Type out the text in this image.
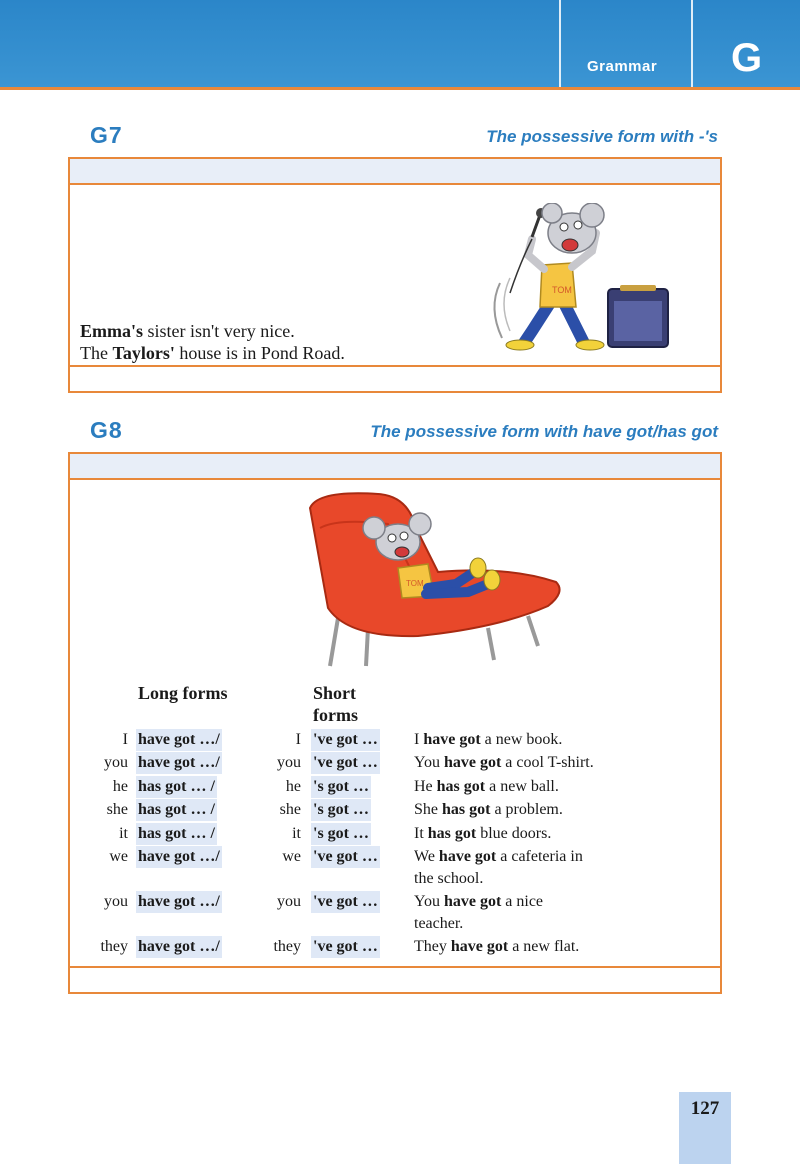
Grammar G
G7	The possessive form with -'s
Emma's sister isn't very nice.
The Taylors' house is in Pond Road.
TOM
G8	The possessive form with have got/has got
TOM
Long forms	Short
forms
I have got …/	I 've got … I have got a new book.
you have got …/	you 've got … You have got a cool T-shirt.
he has got … /	he 's got …	He has got a new ball.
she has got … /	she 's got …	She has got a problem.
it has got … /	it 's got …	It has got blue doors.
we have got …/	we 've got … We have got a cafeteria in
the school.
you have got …/	you 've got … You have got a nice
teacher.
they have got …/	they 've got … They have got a new flat.
127
